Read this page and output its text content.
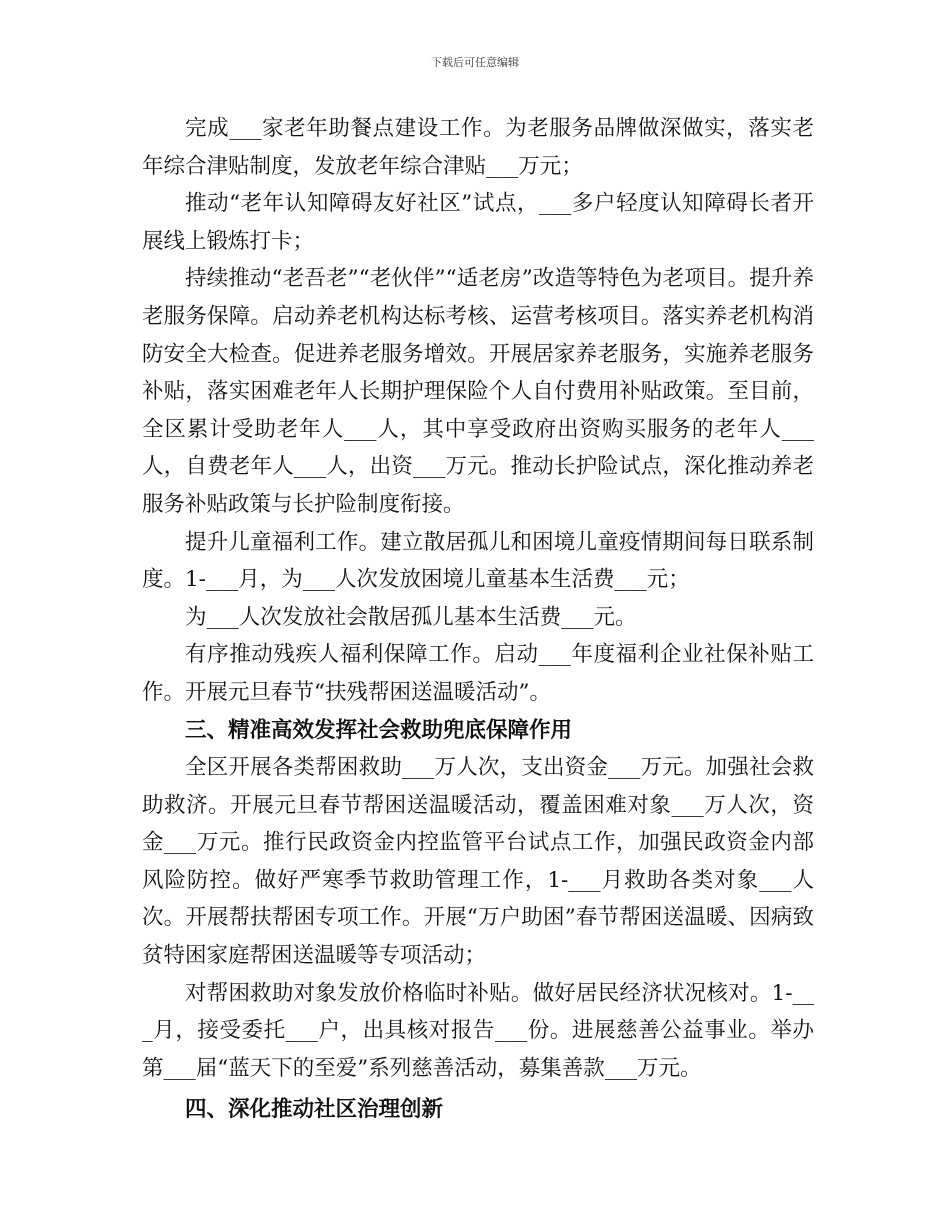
下载后可任意编辑

完成___家老年助餐点建设工作。为老服务品牌做深做实，落实老年综合津贴制度，发放老年综合津贴___万元；

推动“老年认知障碍友好社区”试点，___多户轻度认知障碍长者开展线上锻炼打卡；

持续推动“老吾老”“老伙伴”“适老房”改造等特色为老项目。提升养老服务保障。启动养老机构达标考核、运营考核项目。落实养老机构消防安全大检查。促进养老服务增效。开展居家养老服务，实施养老服务补贴，落实困难老年人长期护理保险个人自付费用补贴政策。至目前，全区累计受助老年人___人，其中享受政府出资购买服务的老年人___人，自费老年人___人，出资___万元。推动长护险试点，深化推动养老服务补贴政策与长护险制度衔接。

提升儿童福利工作。建立散居孤儿和困境儿童疫情期间每日联系制度。1-___月，为___人次发放困境儿童基本生活费___元；

为___人次发放社会散居孤儿基本生活费___元。

有序推动残疾人福利保障工作。启动___年度福利企业社保补贴工作。开展元旦春节“扶残帮困送温暖活动”。

三、精准高效发挥社会救助兜底保障作用

全区开展各类帮困救助___万人次，支出资金___万元。加强社会救助救济。开展元旦春节帮困送温暖活动，覆盖困难对象___万人次，资金___万元。推行民政资金内控监管平台试点工作，加强民政资金内部风险防控。做好严寒季节救助管理工作，1-___月救助各类对象___人次。开展帮扶帮困专项工作。开展“万户助困”春节帮困送温暖、因病致贫特困家庭帮困送温暖等专项活动；

对帮困救助对象发放价格临时补贴。做好居民经济状况核对。1-___月，接受委托___户，出具核对报告___份。进展慈善公益事业。举办第___届“蓝天下的至爱”系列慈善活动，募集善款___万元。

四、深化推动社区治理创新
